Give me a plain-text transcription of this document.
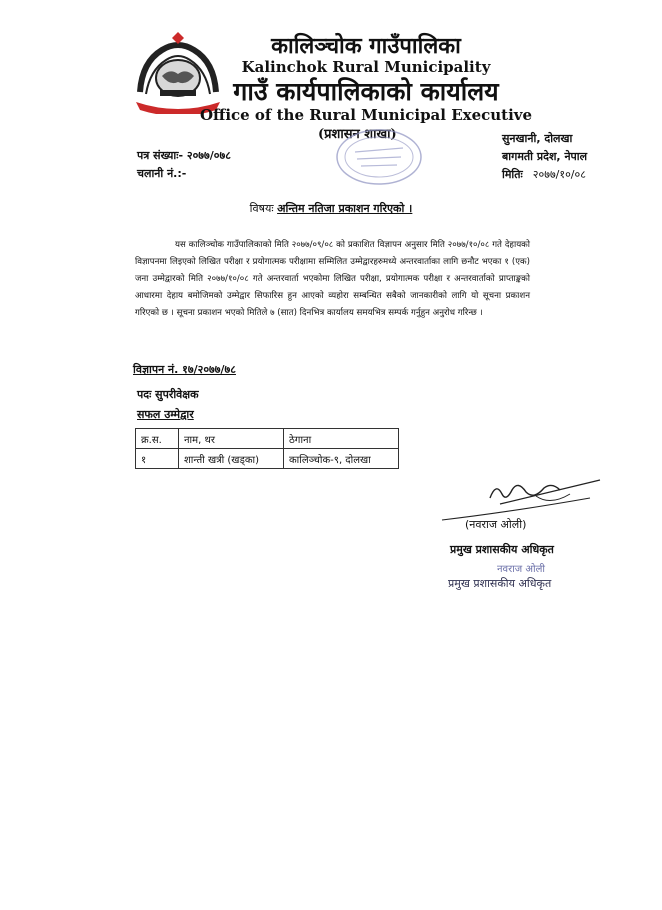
कालिञ्चोक गाउँपालिका
Kalinchok Rural Municipality
गाउँ कार्यपालिकाको कार्यालय
Office of the Rural Municipal Executive
(प्रशासन शाखा)
पत्र संख्याः- २०७७/०७८
चलानी नं.:-
सुनखानी, दोलखा
बागमती प्रदेश, नेपाल
मितिः २०७७/१०/०८
विषयः अन्तिम नतिजा प्रकाशन गरिएको ।
यस कालिञ्चोक गाउँपालिकाको मिति २०७७/०९/०८ को प्रकाशित विज्ञापन अनुसार मिति २०७७/१०/०८ गते देहायको विज्ञापनमा लिइएको लिखित परीक्षा र प्रयोगात्मक परीक्षामा सम्मिलित उम्मेद्वारहरुमध्ये अन्तरवार्ताका लागि छनौट भएका १ (एक) जना उम्मेद्वारको मिति २०७७/१०/०८ गते अन्तरवार्ता भएकोमा लिखित परीक्षा, प्रयोगात्मक परीक्षा र अन्तरवार्ताको प्राप्ताङ्कको आधारमा देहाय बमोजिमको उम्मेद्वार सिफारिस हुन आएको व्यहोरा सम्बन्धित सबैको जानकारीको लागि यो सूचना प्रकाशन गरिएको छ । सूचना प्रकाशन भएको मितिले ७ (सात) दिनभित्र कार्यालय समयभित्र सम्पर्क गर्नुहुन अनुरोध गरिन्छ ।
विज्ञापन नं. १७/२०७७/७८
पदः सुपरीवेक्षक
सफल उम्मेद्वार
क्र.स.	नाम, थर	ठेगाना
१	शान्ती खत्री (खड्का)	कालिञ्चोक-९, दोलखा
(नवराज ओली)
प्रमुख प्रशासकीय अधिकृत
नवराज ओली
प्रमुख प्रशासकीय अधिकृत
